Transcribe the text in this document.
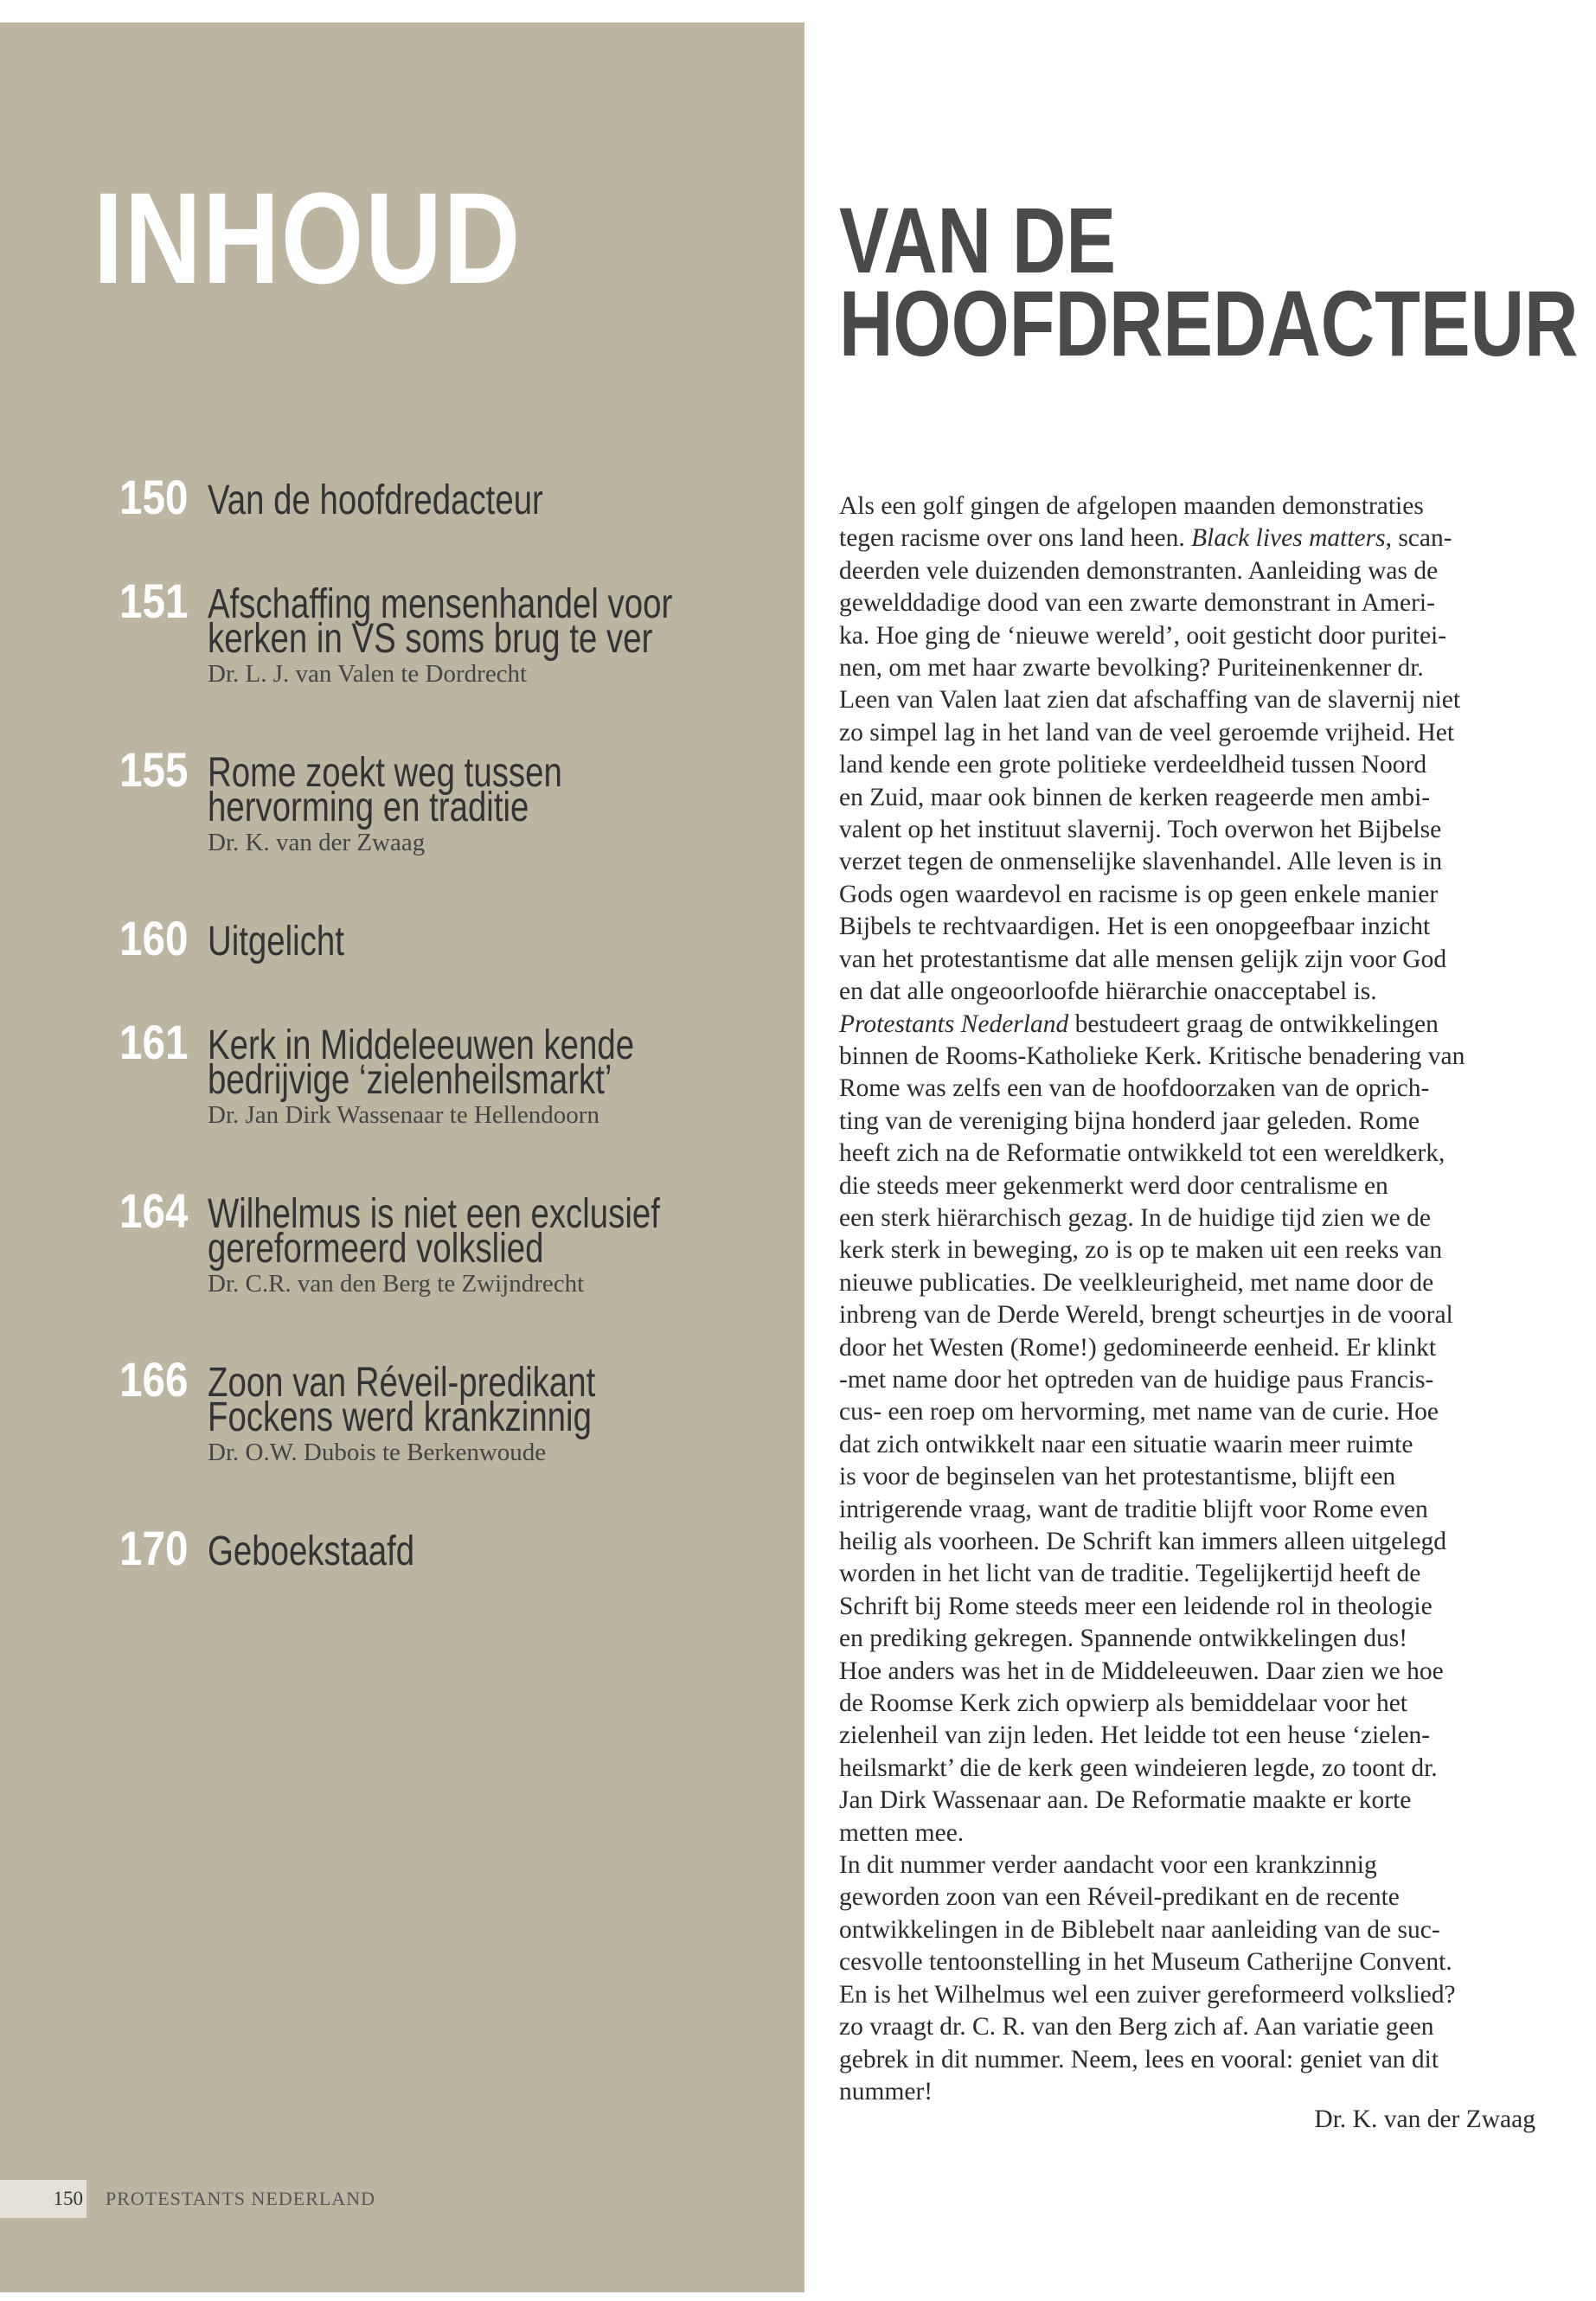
INHOUD
150 Van de hoofdredacteur
151 Afschaffing mensenhandel voor
kerken in VS soms brug te ver
Dr. L. J. van Valen te Dordrecht
155 Rome zoekt weg tussen
hervorming en traditie
Dr. K. van der Zwaag
160 Uitgelicht
161 Kerk in Middeleeuwen kende
bedrijvige ‘zielenheilsmarkt’
Dr. Jan Dirk Wassenaar te Hellendoorn
164 Wilhelmus is niet een exclusief
gereformeerd volkslied
Dr. C.R. van den Berg te Zwijndrecht
166 Zoon van Réveil-predikant
Fockens werd krankzinnig
Dr. O.W. Dubois te Berkenwoude
170 Geboekstaafd
150 PROTESTANTS NEDERLAND
VAN DE
HOOFDREDACTEUR
Als een golf gingen de afgelopen maanden demonstraties
tegen racisme over ons land heen. Black lives matters, scan-
deerden vele duizenden demonstranten. Aanleiding was de
gewelddadige dood van een zwarte demonstrant in Ameri-
ka. Hoe ging de ‘nieuwe wereld’, ooit gesticht door puritei-
nen, om met haar zwarte bevolking? Puriteinenkenner dr.
Leen van Valen laat zien dat afschaffing van de slavernij niet
zo simpel lag in het land van de veel geroemde vrijheid. Het
land kende een grote politieke verdeeldheid tussen Noord
en Zuid, maar ook binnen de kerken reageerde men ambi-
valent op het instituut slavernij. Toch overwon het Bijbelse
verzet tegen de onmenselijke slavenhandel. Alle leven is in
Gods ogen waardevol en racisme is op geen enkele manier
Bijbels te rechtvaardigen. Het is een onopgeefbaar inzicht
van het protestantisme dat alle mensen gelijk zijn voor God
en dat alle ongeoorloofde hiërarchie onacceptabel is.
Protestants Nederland bestudeert graag de ontwikkelingen
binnen de Rooms-Katholieke Kerk. Kritische benadering van
Rome was zelfs een van de hoofdoorzaken van de oprich-
ting van de vereniging bijna honderd jaar geleden. Rome
heeft zich na de Reformatie ontwikkeld tot een wereldkerk,
die steeds meer gekenmerkt werd door centralisme en
een sterk hiërarchisch gezag. In de huidige tijd zien we de
kerk sterk in beweging, zo is op te maken uit een reeks van
nieuwe publicaties. De veelkleurigheid, met name door de
inbreng van de Derde Wereld, brengt scheurtjes in de vooral
door het Westen (Rome!) gedomineerde eenheid. Er klinkt
-met name door het optreden van de huidige paus Francis-
cus- een roep om hervorming, met name van de curie. Hoe
dat zich ontwikkelt naar een situatie waarin meer ruimte
is voor de beginselen van het protestantisme, blijft een
intrigerende vraag, want de traditie blijft voor Rome even
heilig als voorheen. De Schrift kan immers alleen uitgelegd
worden in het licht van de traditie. Tegelijkertijd heeft de
Schrift bij Rome steeds meer een leidende rol in theologie
en prediking gekregen. Spannende ontwikkelingen dus!
Hoe anders was het in de Middeleeuwen. Daar zien we hoe
de Roomse Kerk zich opwierp als bemiddelaar voor het
zielenheil van zijn leden. Het leidde tot een heuse ‘zielen-
heilsmarkt’ die de kerk geen windeieren legde, zo toont dr.
Jan Dirk Wassenaar aan. De Reformatie maakte er korte
metten mee.
In dit nummer verder aandacht voor een krankzinnig
geworden zoon van een Réveil-predikant en de recente
ontwikkelingen in de Biblebelt naar aanleiding van de suc-
cesvolle tentoonstelling in het Museum Catherijne Convent.
En is het Wilhelmus wel een zuiver gereformeerd volkslied?
zo vraagt dr. C. R. van den Berg zich af. Aan variatie geen
gebrek in dit nummer. Neem, lees en vooral: geniet van dit
nummer!
Dr. K. van der Zwaag
